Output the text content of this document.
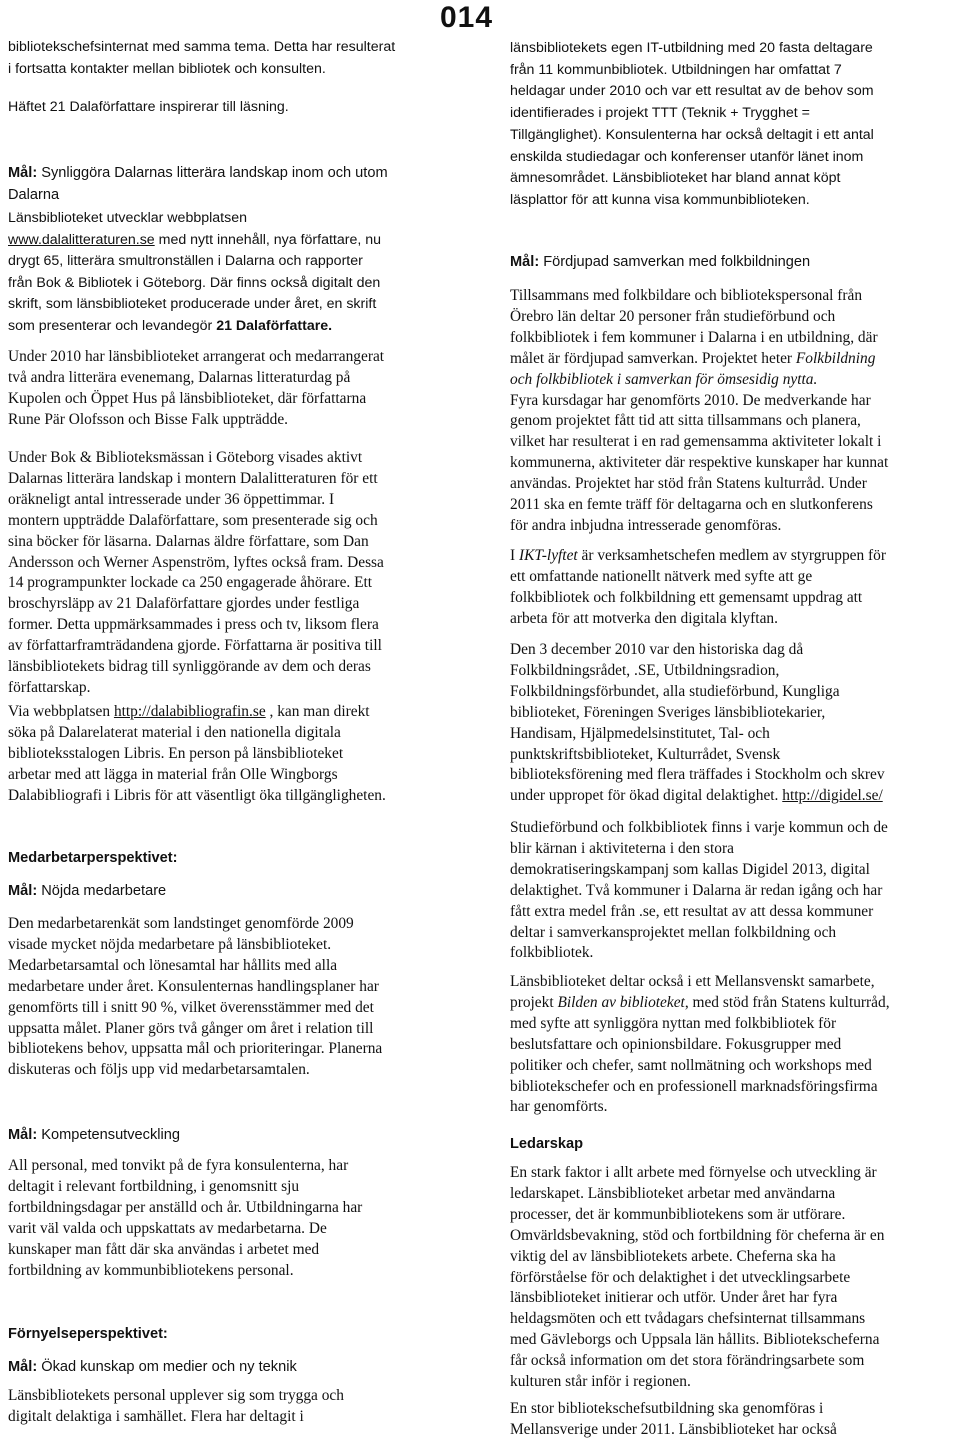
014
bibliotekschefsinternat med samma tema. Detta har resulterat
i fortsatta kontakter mellan bibliotek och konsulten.
Häftet 21 Dalaförfattare inspirerar till läsning.
Mål: Synliggöra Dalarnas litterära landskap inom och utom
Dalarna
Länsbiblioteket utvecklar webbplatsen
www.dalalitteraturen.se med nytt innehåll, nya författare, nu
drygt 65, litterära smultronställen i Dalarna och rapporter
från Bok & Bibliotek i Göteborg. Där finns också digitalt den
skrift, som länsbiblioteket producerade under året, en skrift
som presenterar och levandegör 21 Dalaförfattare.
Under 2010 har länsbiblioteket arrangerat och medarrangerat
två andra litterära evenemang, Dalarnas litteraturdag på
Kupolen och Öppet Hus på länsbiblioteket, där författarna
Rune Pär Olofsson och Bisse Falk uppträdde.
Under Bok & Biblioteksmässan i Göteborg visades aktivt
Dalarnas litterära landskap i montern Dalalitteraturen för ett
oräkneligt antal intresserade under 36 öppettimmar. I
montern uppträdde Dalaförfattare, som presenterade sig och
sina böcker för läsarna. Dalarnas äldre författare, som Dan
Andersson och Werner Aspenström, lyftes också fram. Dessa
14 programpunkter lockade ca 250 engagerade åhörare. Ett
broschyrsläpp av 21 Dalaförfattare gjordes under festliga
former. Detta uppmärksammades i press och tv, liksom flera
av författarframträdandena gjorde. Författarna är positiva till
länsbibliotekets bidrag till synliggörande av dem och deras
författarskap.
Via webbplatsen http://dalabibliografin.se , kan man direkt
söka på Dalarelaterat material i den nationella digitala
biblioteksstalogen Libris. En person på länsbiblioteket
arbetar med att lägga in material från Olle Wingborgs
Dalabibliografi i Libris för att väsentligt öka tillgängligheten.
Medarbetarperspektivet:
Mål: Nöjda medarbetare
Den medarbetarenkät som landstinget genomförde 2009
visade mycket nöjda medarbetare på länsbiblioteket.
Medarbetarsamtal och lönesamtal har hållits med alla
medarbetare under året. Konsulenternas handlingsplaner har
genomförts till i snitt 90 %, vilket överensstämmer med det
uppsatta målet. Planer görs två gånger om året i relation till
bibliotekens behov, uppsatta mål och prioriteringar. Planerna
diskuteras och följs upp vid medarbetarsamtalen.
Mål: Kompetensutveckling
All personal, med tonvikt på de fyra konsulenterna, har
deltagit i relevant fortbildning, i genomsnitt sju
fortbildningsdagar per anställd och år. Utbildningarna har
varit väl valda och uppskattats av medarbetarna. De
kunskaper man fått där ska användas i arbetet med
fortbildning av kommunbibliotekens personal.
Förnyelseperspektivet:
Mål: Ökad kunskap om medier och ny teknik
Länsbibliotekets personal upplever sig som trygga och
digitalt delaktiga i samhället. Flera har deltagit i
länsbibliotekets egen IT-utbildning med 20 fasta deltagare
från 11 kommunbibliotek. Utbildningen har omfattat 7
heldagar under 2010 och var ett resultat av de behov som
identifierades i projekt TTT (Teknik + Trygghet =
Tillgänglighet). Konsulenterna har också deltagit i ett antal
enskilda studiedagar och konferenser utanför länet inom
ämnesområdet. Länsbiblioteket har bland annat köpt
läsplattor för att kunna visa kommunbiblioteken.
Mål: Fördjupad samverkan med folkbildningen
Tillsammans med folkbildare och bibliotekspersonal från
Örebro län deltar 20 personer från studieförbund och
folkbibliotek i fem kommuner i Dalarna i en utbildning, där
målet är fördjupad samverkan. Projektet heter Folkbildning
och folkbibliotek i samverkan för ömsesidig nytta.
Fyra kursdagar har genomförts 2010. De medverkande har
genom projektet fått tid att sitta tillsammans och planera,
vilket har resulterat i en rad gemensamma aktiviteter lokalt i
kommunerna, aktiviteter där respektive kunskaper har kunnat
användas. Projektet har stöd från Statens kulturråd. Under
2011 ska en femte träff för deltagarna och en slutkonferens
för andra inbjudna intresserade genomföras.
I IKT-lyftet är verksamhetschefen medlem av styrgruppen för
ett omfattande nationellt nätverk med syfte att ge
folkbibliotek och folkbildning ett gemensamt uppdrag att
arbeta för att motverka den digitala klyftan.
Den 3 december 2010 var den historiska dag då
Folkbildningsrådet, .SE, Utbildningsradion,
Folkbildningsförbundet, alla studieförbund, Kungliga
biblioteket, Föreningen Sveriges länsbibliotekarier,
Handisam, Hjälpmedelsinstitutet, Tal- och
punktskriftsbiblioteket, Kulturrådet, Svensk
biblioteksförening med flera träffades i Stockholm och skrev
under uppropet för ökad digital delaktighet. http://digidel.se/
Studieförbund och folkbibliotek finns i varje kommun och de
blir kärnan i aktiviteterna i den stora
demokratiseringskampanj som kallas Digidel 2013, digital
delaktighet. Två kommuner i Dalarna är redan igång och har
fått extra medel från .se, ett resultat av att dessa kommuner
deltar i samverkansprojektet mellan folkbildning och
folkbibliotek.
Länsbiblioteket deltar också i ett Mellansvenskt samarbete,
projekt Bilden av biblioteket, med stöd från Statens kulturråd,
med syfte att synliggöra nyttan med folkbibliotek för
beslutsfattare och opinionsbildare. Fokusgrupper med
politiker och chefer, samt nollmätning och workshops med
bibliotekschefer och en professionell marknadsföringsfirma
har genomförts.
Ledarskap
En stark faktor i allt arbete med förnyelse och utveckling är
ledarskapet. Länsbiblioteket arbetar med användarna
processer, det är kommunbibliotekens som är utförare.
Omvärldsbevakning, stöd och fortbildning för cheferna är en
viktig del av länsbibliotekets arbete. Cheferna ska ha
förförståelse för och delaktighet i det utvecklingsarbete
länsbiblioteket initierar och utför. Under året har fyra
heldagsmöten och ett tvådagars chefsinternat tillsammans
med Gävleborgs och Uppsala län hållits. Bibliotekscheferna
får också information om det stora förändringsarbete som
kulturen står inför i regionen.
En stor bibliotekschefsutbildning ska genomföras i
Mellansverige under 2011. Länsbiblioteket har också
